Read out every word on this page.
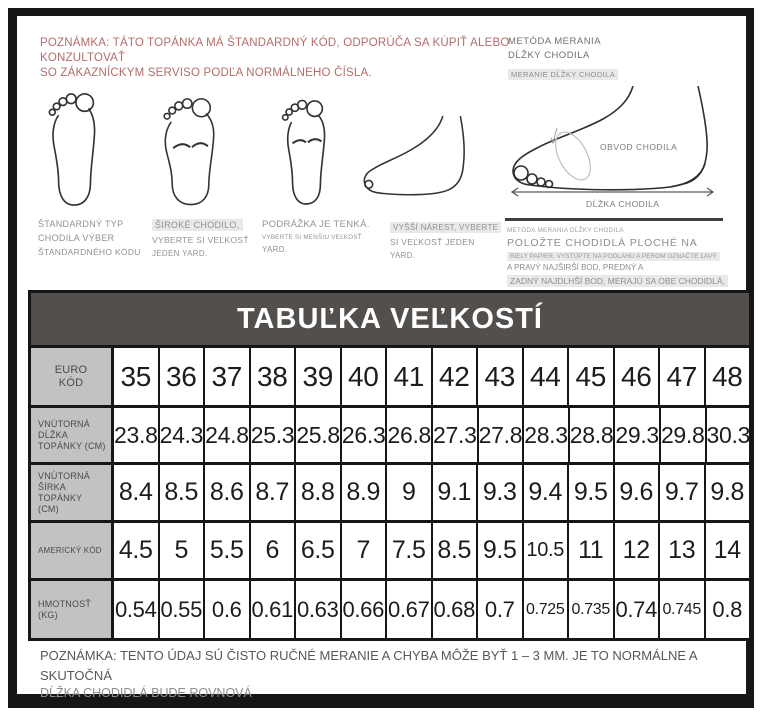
POZNÁMKA: TÁTO TOPÁNKA MÁ ŠTANDARDNÝ KÓD, ODPORÚČA SA KÚPIŤ ALEBO KONZULTOVAŤ
SO ZÁKAZNÍCKYM SERVISO PODĽA NORMÁLNEHO ČÍSLA.
METÓDA MERANIA
DĹŽKY CHODILA
MERANIE DĹŽKY CHODILA
ŠTANDARDNÝ TYP
CHODILA VÝBER
ŠTANDARDNÉHO KÓDU
ŠIROKÉ CHODILO,
VYBERTE SI VEĽKOSŤ
JEDEN YARD.
PODRÁŽKA JE TENKÁ.
VYBERTE SI MENŠIU VEĽKOSŤ
YARD.
VYŠŠÍ NÁREST, VYBERTE
SI VEĽKOSŤ JEDEN
YARD.
OBVOD CHODILA
DĹŽKA CHODILA
METÓDA MERANIA DĹŽKY CHODILA
POLOŽTE CHODIDLÁ PLOCHÉ NA
BIELY PAPIER, VYSTÚPTE NA PODLAHU A PEROM OZNAČTE ĽAVÝ
A PRAVÝ NAJŠIRŠÍ BOD, PREDNÝ A
ZADNÝ NAJDLHŠÍ BOD, MERAJÚ SA OBE CHODIDLÁ,
TABUĽKA VEĽKOSTÍ
EURO
KÓD 35 36 37 38 39 40 41 42 43 44 45 46 47 48
VNÚTORNÁ DĹŽKA
TOPÁNKY (CM) 23.8 24.3 24.8 25.3 25.8 26.3 26.8 27.3 27.8 28.3 28.8 29.3 29.8 30.3
VNÚTORNÁ ŠÍRKA
TOPÁNKY
(CM)
8.4 8.5 8.6 8.7 8.8 8.9 9 9.1 9.3 9.4 9.5 9.6 9.7 9.8
AMERICKÝ KÓD 4.5 5 5.5 6 6.5 7 7.5 8.5 9.5 10.5 11 12 13 14
HMOTNOSŤ
(KG)	0.54 0.55 0.6 0.61 0.63 0.66 0.67 0.68 0.7 0.725 0.735 0.74 0.745 0.8
POZNÁMKA: TENTO ÚDAJ SÚ ČISTO RUČNÉ MERANIE A CHYBA MÔŽE BYŤ 1 – 3 MM. JE TO NORMÁLNE A SKUTOČNÁ
DĹŽKA CHODIDLÁ BUDE ROVNOVÁ
